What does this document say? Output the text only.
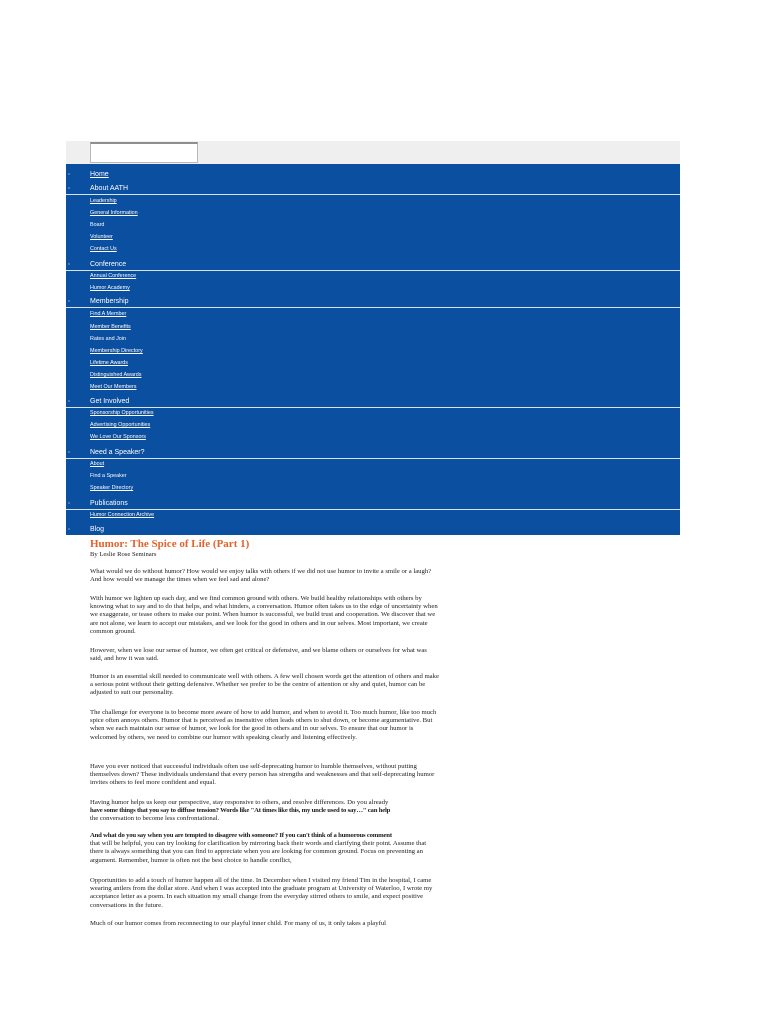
Home
About AATH
Leadership
General Information
Board
Volunteer
Contact Us
Conference
Annual Conference
Humor Academy
Membership
Find A Member
Member Benefits
Rates and Join
Membership Directory
Lifetime Awards
Distinguished Awards
Meet Our Members
Get Involved
Sponsorship Opportunities
Advertising Opportunities
We Love Our Sponsors
Need a Speaker?
About
Find a Speaker
Speaker Directory
Publications
Humor Connection Archive
Blog
Humor: The Spice of Life (Part 1)
By Leslie Rose Seminars

What would we do without humor? How would we enjoy talks with others if we did not use humor to invite a smile or a laugh? And how would we manage the times when we feel sad and alone?

With humor we lighten up each day, and we find common ground with others. We build healthy relationships with others by knowing what to say and to do that helps, and what hinders, a conversation. Humor often takes us to the edge of uncertainty when we exaggerate, or tease others to make our point. When humor is successful, we build trust and cooperation. We discover that we are not alone, we learn to accept our mistakes, and we look for the good in others and in our selves. Most important, we create common ground.

However, when we lose our sense of humor, we often get critical or defensive, and we blame others or ourselves for what was said, and how it was said.

Humor is an essential skill needed to communicate well with others. A few well chosen words get the attention of others and make a serious point without their getting defensive. Whether we prefer to be the centre of attention or shy and quiet, humor can be adjusted to suit our personality.

The challenge for everyone is to become more aware of how to add humor, and when to avoid it. Too much humor, like too much spice often annoys others. Humor that is perceived as insensitive often leads others to shut down, or become argumentative. But when we each maintain our sense of humor, we look for the good in others and in our selves. To ensure that our humor is welcomed by others, we need to combine our humor with speaking clearly and listening effectively.

Have you ever noticed that successful individuals often use self-deprecating humor to humble themselves, without putting themselves down? These individuals understand that every person has strengths and weaknesses and that self-deprecating humor invites others to feel more confident and equal.

Having humor helps us keep our perspective, stay responsive to others, and resolve differences. Do you already
have some things that you say to diffuse tension? Words like "At times like this, my uncle used to say…" can help
the conversation to become less confrontational.
And what do you say when you are tempted to disagree with someone? If you can't think of a humorous comment
that will be helpful, you can try looking for clarification by mirroring back their words and clarifying their point. Assume that there is always something that you can find to appreciate when you are looking for common ground. Focus on preventing an argument. Remember, humor is often not the best choice to handle conflict,

Opportunities to add a touch of humor happen all of the time. In December when I visited my friend Tim in the hospital, I came wearing antlers from the dollar store. And when I was accepted into the graduate program at University of Waterloo, I wrote my acceptance letter as a poem. In each situation my small change from the everyday stirred others to smile, and expect positive conversations in the future.

Much of our humor comes from reconnecting to our playful inner child. For many of us, it only takes a playful
